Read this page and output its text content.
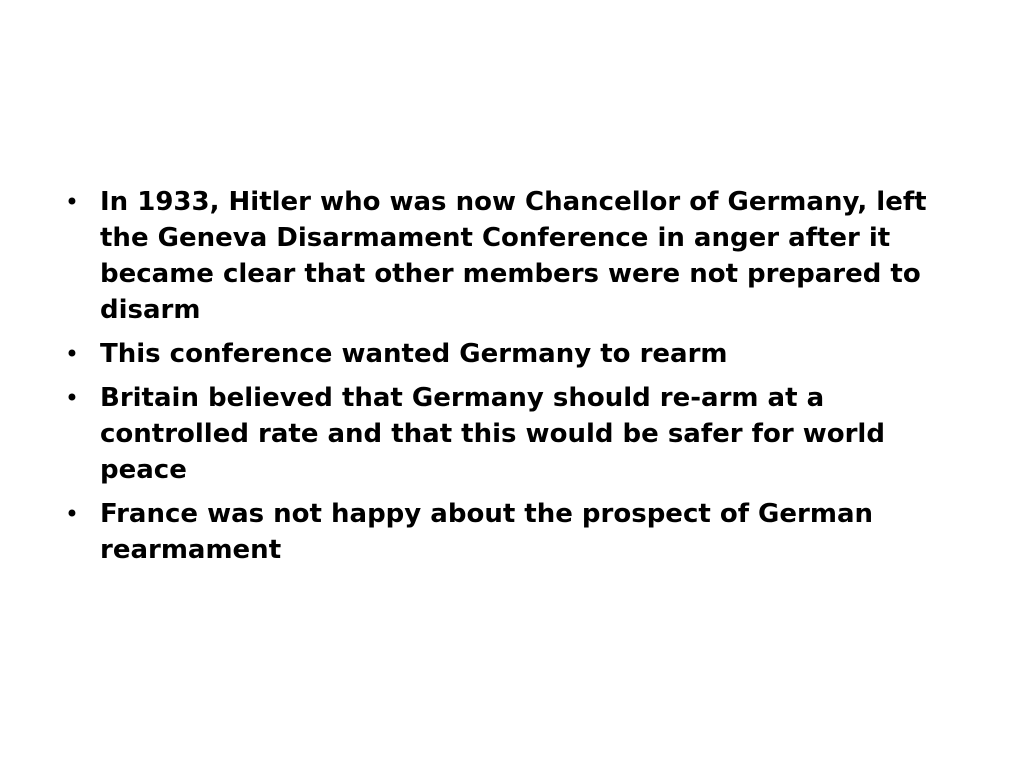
• In 1933, Hitler who was now Chancellor of Germany, left the Geneva Disarmament Conference in anger after it became clear that other members were not prepared to disarm
• This conference wanted Germany to rearm
• Britain believed that Germany should re-arm at a controlled rate and that this would be safer for world peace
• France was not happy about the prospect of German rearmament
